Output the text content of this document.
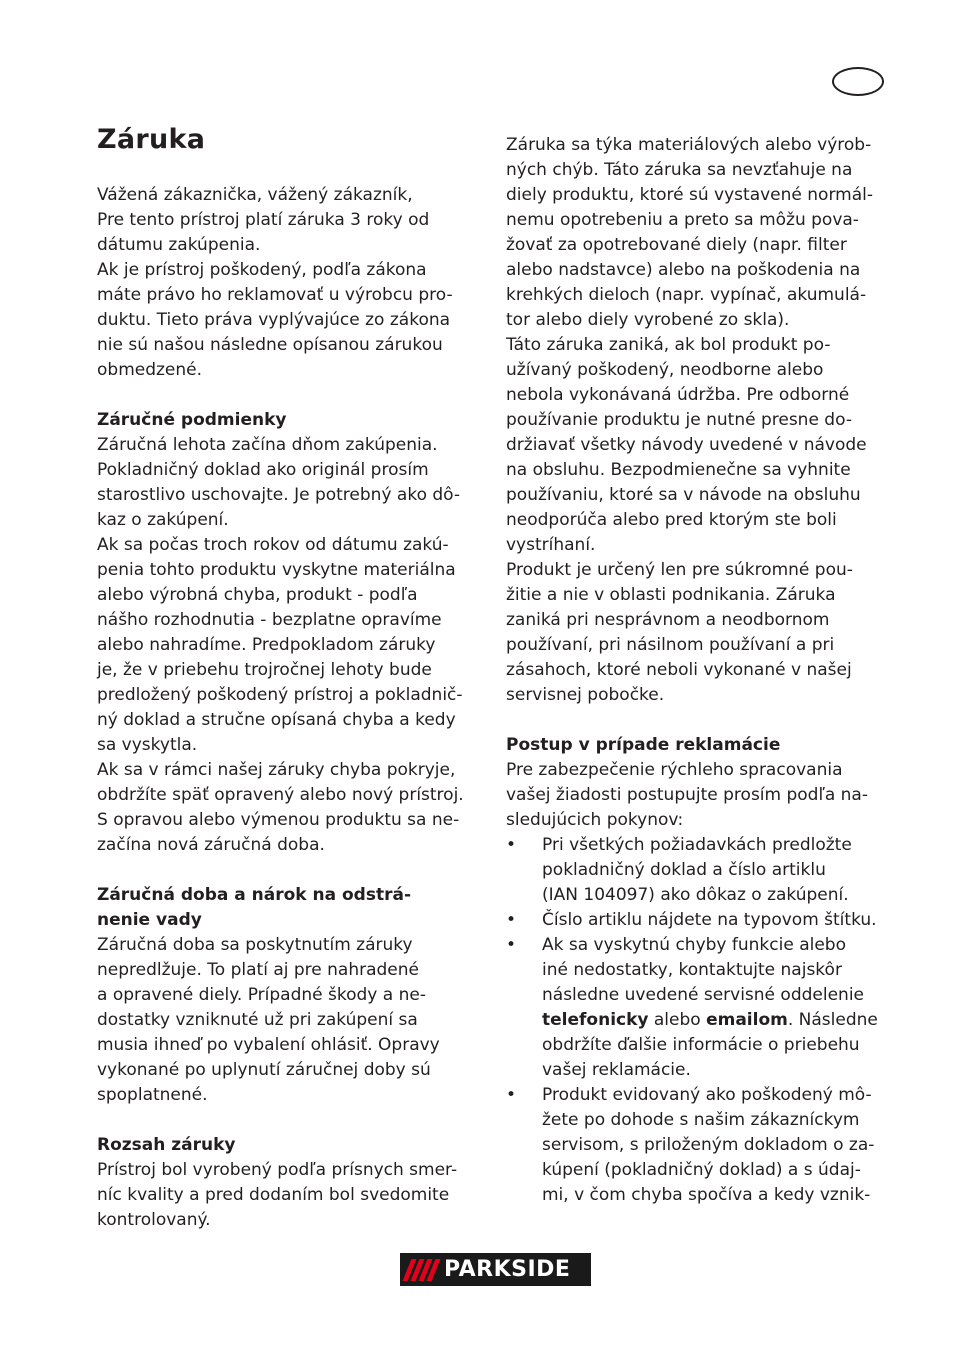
Záruka
Vážená zákaznička, vážený zákazník,
Pre tento prístroj platí záruka 3 roky od
dátumu zakúpenia.
Ak je prístroj poškodený, podľa zákona
máte právo ho reklamovať u výrobcu pro-
duktu. Tieto práva vyplývajúce zo zákona
nie sú našou následne opísanou zárukou
obmedzené.
Záručné podmienky
Záručná lehota začína dňom zakúpenia.
Pokladničný doklad ako originál prosím
starostlivo uschovajte. Je potrebný ako dô-
kaz o zakúpení.
Ak sa počas troch rokov od dátumu zakú-
penia tohto produktu vyskytne materiálna
alebo výrobná chyba, produkt - podľa
nášho rozhodnutia - bezplatne opravíme
alebo nahradíme. Predpokladom záruky
je, že v priebehu trojročnej lehoty bude
predložený poškodený prístroj a pokladnič-
ný doklad a stručne opísaná chyba a kedy
sa vyskytla.
Ak sa v rámci našej záruky chyba pokryje,
obdržíte späť opravený alebo nový prístroj.
S opravou alebo výmenou produktu sa ne-
začína nová záručná doba.
Záručná doba a nárok na odstrá-
nenie vady
Záručná doba sa poskytnutím záruky
nepredlžuje. To platí aj pre nahradené
a opravené diely. Prípadné škody a ne-
dostatky vzniknuté už pri zakúpení sa
musia ihneď po vybalení ohlásiť. Opravy
vykonané po uplynutí záručnej doby sú
spoplatnené.
Rozsah záruky
Prístroj bol vyrobený podľa prísnych smer-
níc kvality a pred dodaním bol svedomite
kontrolovaný.
Záruka sa týka materiálových alebo výrob-
ných chýb. Táto záruka sa nevzťahuje na
diely produktu, ktoré sú vystavené normál-
nemu opotrebeniu a preto sa môžu pova-
žovať za opotrebované diely (napr. filter
alebo nadstavce) alebo na poškodenia na
krehkých dieloch (napr. vypínač, akumulá-
tor alebo diely vyrobené zo skla).
Táto záruka zaniká, ak bol produkt po-
užívaný poškodený, neodborne alebo
nebola vykonávaná údržba. Pre odborné
používanie produktu je nutné presne do-
držiavať všetky návody uvedené v návode
na obsluhu. Bezpodmienečne sa vyhnite
používaniu, ktoré sa v návode na obsluhu
neodporúča alebo pred ktorým ste boli
vystríhaní.
Produkt je určený len pre súkromné pou-
žitie a nie v oblasti podnikania. Záruka
zaniká pri nesprávnom a neodbornom
používaní, pri násilnom používaní a pri
zásahoch, ktoré neboli vykonané v našej
servisnej pobočke.
Postup v prípade reklamácie
Pre zabezpečenie rýchleho spracovania
vašej žiadosti postupujte prosím podľa na-
sledujúcich pokynov:
• Pri všetkých požiadavkách predložte
pokladničný doklad a číslo artiklu
(IAN 104097) ako dôkaz o zakúpení.
• Číslo artiklu nájdete na typovom štítku.
• Ak sa vyskytnú chyby funkcie alebo
iné nedostatky, kontaktujte najskôr
následne uvedené servisné oddelenie
telefonicky alebo emailom. Následne
obdržíte ďalšie informácie o priebehu
vašej reklamácie.
• Produkt evidovaný ako poškodený mô-
žete po dohode s našim zákazníckym
servisom, s priloženým dokladom o za-
kúpení (pokladničný doklad) a s údaj-
mi, v čom chyba spočíva a kedy vznik-
PARKSIDE
